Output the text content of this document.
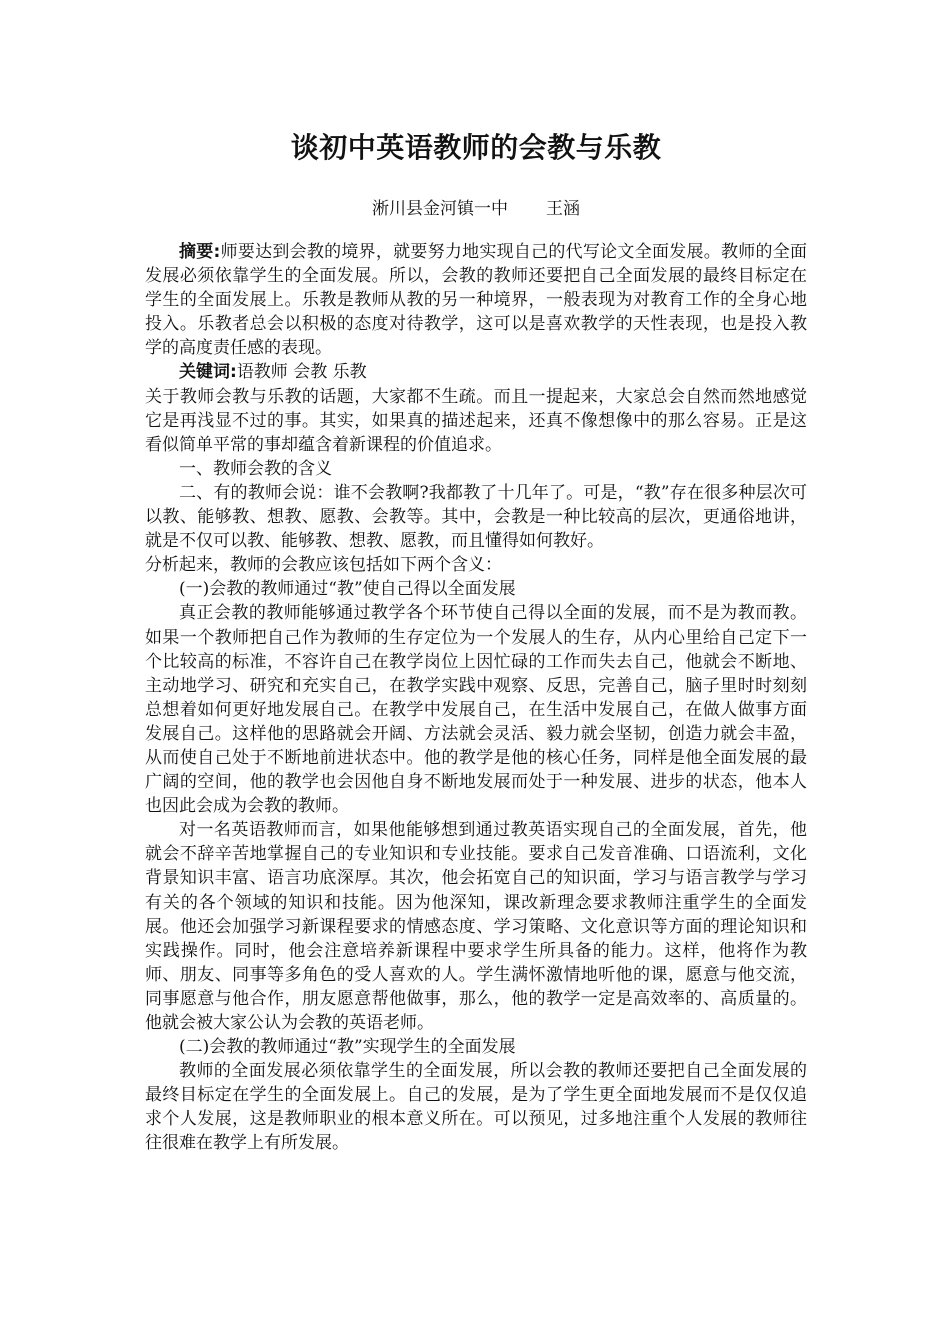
谈初中英语教师的会教与乐教
淅川县金河镇一中 王涵

摘要:师要达到会教的境界，就要努力地实现自己的代写论文全面发展。教师的全面发展必须依靠学生的全面发展。所以，会教的教师还要把自己全面发展的最终目标定在学生的全面发展上。乐教是教师从教的另一种境界，一般表现为对教育工作的全身心地投入。乐教者总会以积极的态度对待教学，这可以是喜欢教学的天性表现，也是投入教学的高度责任感的表现。

关键词:语教师 会教 乐教

关于教师会教与乐教的话题，大家都不生疏。而且一提起来，大家总会自然而然地感觉它是再浅显不过的事。其实，如果真的描述起来，还真不像想像中的那么容易。正是这看似简单平常的事却蕴含着新课程的价值追求。

一、教师会教的含义

二、有的教师会说：谁不会教啊?我都教了十几年了。可是，“教”存在很多种层次可以教、能够教、想教、愿教、会教等。其中，会教是一种比较高的层次，更通俗地讲，就是不仅可以教、能够教、想教、愿教，而且懂得如何教好。

分析起来，教师的会教应该包括如下两个含义：

(一)会教的教师通过“教”使自己得以全面发展

真正会教的教师能够通过教学各个环节使自己得以全面的发展，而不是为教而教。如果一个教师把自己作为教师的生存定位为一个发展人的生存，从内心里给自己定下一个比较高的标准，不容许自己在教学岗位上因忙碌的工作而失去自己，他就会不断地、主动地学习、研究和充实自己，在教学实践中观察、反思，完善自己，脑子里时时刻刻总想着如何更好地发展自己。在教学中发展自己，在生活中发展自己，在做人做事方面发展自己。这样他的思路就会开阔、方法就会灵活、毅力就会坚韧，创造力就会丰盈，从而使自己处于不断地前进状态中。他的教学是他的核心任务，同样是他全面发展的最广阔的空间，他的教学也会因他自身不断地发展而处于一种发展、进步的状态，他本人也因此会成为会教的教师。

对一名英语教师而言，如果他能够想到通过教英语实现自己的全面发展，首先，他就会不辞辛苦地掌握自己的专业知识和专业技能。要求自己发音准确、口语流利，文化背景知识丰富、语言功底深厚。其次，他会拓宽自己的知识面，学习与语言教学与学习有关的各个领域的知识和技能。因为他深知，课改新理念要求教师注重学生的全面发展。他还会加强学习新课程要求的情感态度、学习策略、文化意识等方面的理论知识和实践操作。同时，他会注意培养新课程中要求学生所具备的能力。这样，他将作为教师、朋友、同事等多角色的受人喜欢的人。学生满怀激情地听他的课，愿意与他交流，同事愿意与他合作，朋友愿意帮他做事，那么，他的教学一定是高效率的、高质量的。他就会被大家公认为会教的英语老师。

(二)会教的教师通过“教”实现学生的全面发展

教师的全面发展必须依靠学生的全面发展，所以会教的教师还要把自己全面发展的最终目标定在学生的全面发展上。自己的发展，是为了学生更全面地发展而不是仅仅追求个人发展，这是教师职业的根本意义所在。可以预见，过多地注重个人发展的教师往往很难在教学上有所发展。
